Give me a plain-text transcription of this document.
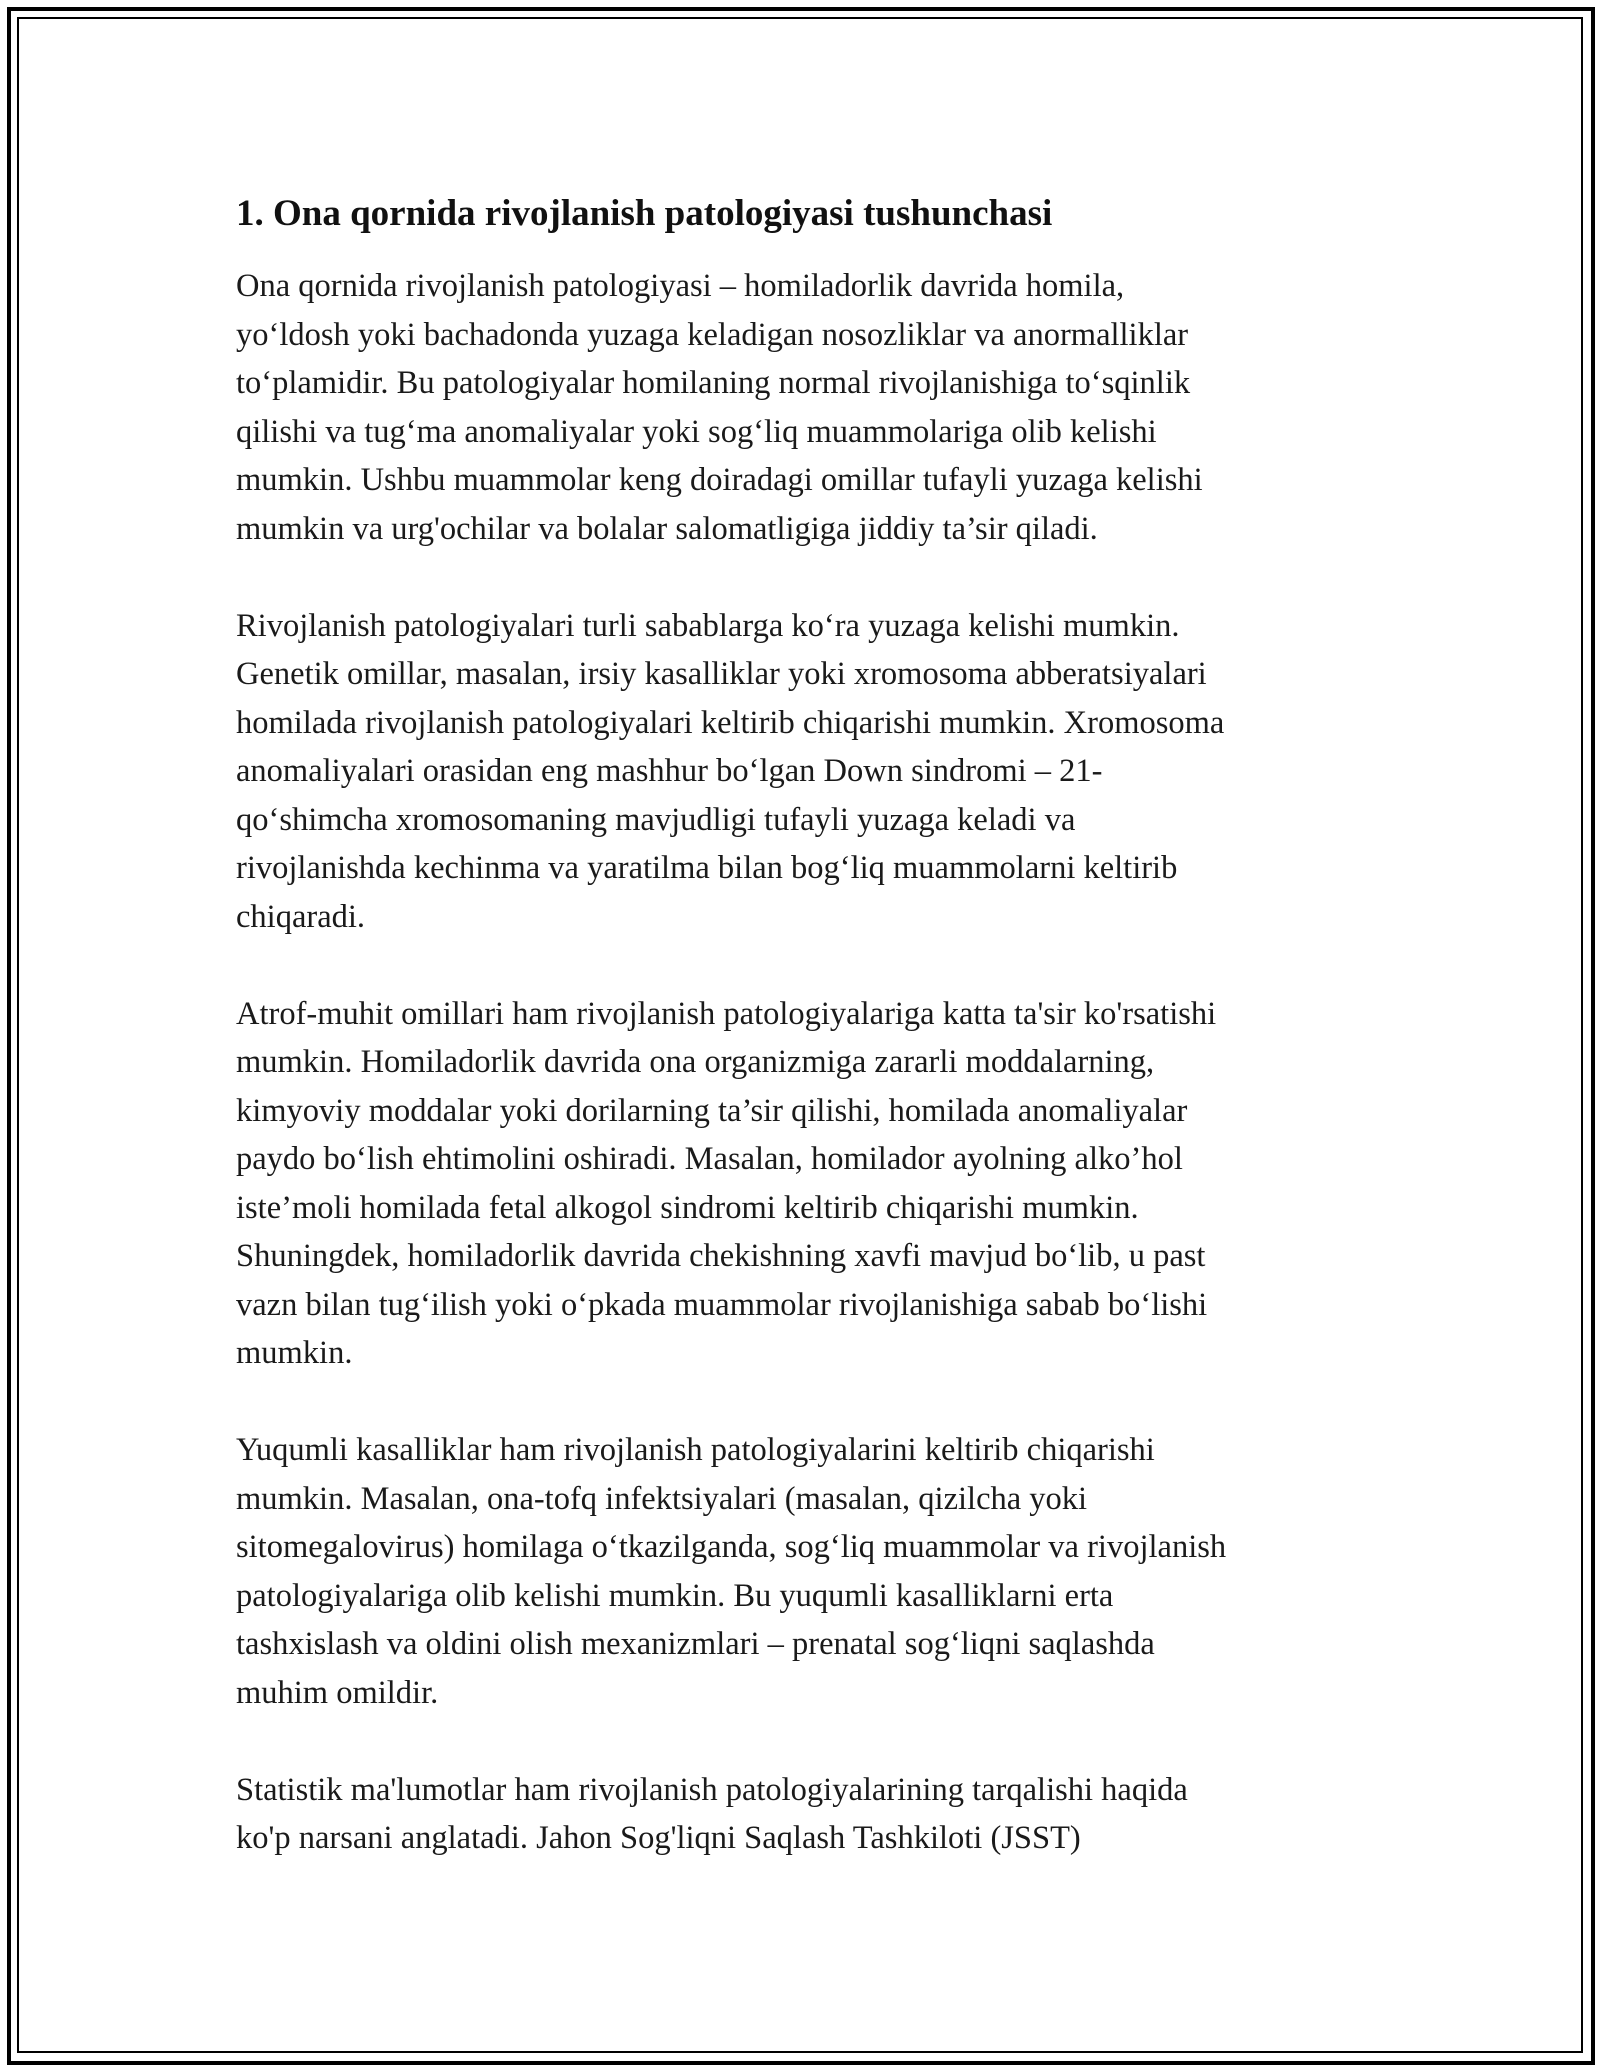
1. Ona qornida rivojlanish patologiyasi tushunchasi

Ona qornida rivojlanish patologiyasi – homiladorlik davrida homila,
yo‘ldosh yoki bachadonda yuzaga keladigan nosozliklar va anormalliklar
to‘plamidir. Bu patologiyalar homilaning normal rivojlanishiga to‘sqinlik
qilishi va tug‘ma anomaliyalar yoki sog‘liq muammolariga olib kelishi
mumkin. Ushbu muammolar keng doiradagi omillar tufayli yuzaga kelishi
mumkin va urg'ochilar va bolalar salomatligiga jiddiy ta’sir qiladi.

Rivojlanish patologiyalari turli sabablarga ko‘ra yuzaga kelishi mumkin.
Genetik omillar, masalan, irsiy kasalliklar yoki xromosoma abberatsiyalari
homilada rivojlanish patologiyalari keltirib chiqarishi mumkin. Xromosoma
anomaliyalari orasidan eng mashhur bo‘lgan Down sindromi – 21-
qo‘shimcha xromosomaning mavjudligi tufayli yuzaga keladi va
rivojlanishda kechinma va yaratilma bilan bog‘liq muammolarni keltirib
chiqaradi.

Atrof-muhit omillari ham rivojlanish patologiyalariga katta ta'sir ko'rsatishi
mumkin. Homiladorlik davrida ona organizmiga zararli moddalarning,
kimyoviy moddalar yoki dorilarning ta’sir qilishi, homilada anomaliyalar
paydo bo‘lish ehtimolini oshiradi. Masalan, homilador ayolning alko’hol
iste’moli homilada fetal alkogol sindromi keltirib chiqarishi mumkin.
Shuningdek, homiladorlik davrida chekishning xavfi mavjud bo‘lib, u past
vazn bilan tug‘ilish yoki o‘pkada muammolar rivojlanishiga sabab bo‘lishi
mumkin.

Yuqumli kasalliklar ham rivojlanish patologiyalarini keltirib chiqarishi
mumkin. Masalan, ona-tofq infektsiyalari (masalan, qizilcha yoki
sitomegalovirus) homilaga o‘tkazilganda, sog‘liq muammolar va rivojlanish
patologiyalariga olib kelishi mumkin. Bu yuqumli kasalliklarni erta
tashxislash va oldini olish mexanizmlari – prenatal sog‘liqni saqlashda
muhim omildir.

Statistik ma'lumotlar ham rivojlanish patologiyalarining tarqalishi haqida
ko'p narsani anglatadi. Jahon Sog'liqni Saqlash Tashkiloti (JSST)
